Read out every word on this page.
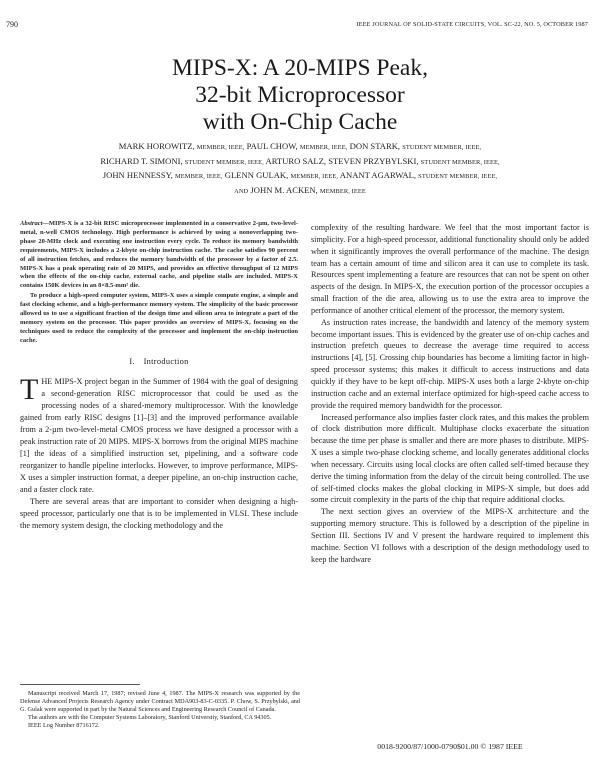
790	IEEE JOURNAL OF SOLID-STATE CIRCUITS, VOL. SC-22, NO. 5, OCTOBER 1987
MIPS-X: A 20-MIPS Peak,
32-bit Microprocessor
with On-Chip Cache
MARK HOROWITZ, MEMBER, IEEE, PAUL CHOW, MEMBER, IEEE, DON STARK, STUDENT MEMBER, IEEE,
RICHARD T. SIMONI, STUDENT MEMBER, IEEE, ARTURO SALZ, STEVEN PRZYBYLSKI, STUDENT MEMBER, IEEE,
JOHN HENNESSY, MEMBER, IEEE, GLENN GULAK, MEMBER, IEEE, ANANT AGARWAL, STUDENT MEMBER, IEEE,
AND JOHN M. ACKEN, MEMBER, IEEE

Abstract—MIPS-X is a 32-bit RISC microprocessor implemented in a conservative 2-µm, two-level-metal, n-well CMOS technology. High performance is achieved by using a nonoverlapping two-phase 20-MHz clock and executing one instruction every cycle. To reduce its memory bandwidth requirements, MIPS-X includes a 2-kbyte on-chip instruction cache. The cache satisfies 90 percent of all instruction fetches, and reduces the memory bandwidth of the processor by a factor of 2.5. MIPS-X has a peak operating rate of 20 MIPS, and provides an effective throughput of 12 MIPS when the effects of the on-chip cache, external cache, and pipeline stalls are included. MIPS-X contains 150K devices in an 8×8.5-mm² die.

To produce a high-speed computer system, MIPS-X uses a simple compute engine, a simple and fast clocking scheme, and a high-performance memory system. The simplicity of the basic processor allowed us to use a significant fraction of the design time and silicon area to integrate a part of the memory system on the processor. This paper provides an overview of MIPS-X, focusing on the techniques used to reduce the complexity of the processor and implement the on-chip instruction cache.

I. Introduction

THE MIPS-X project began in the Summer of 1984 with the goal of designing a second-generation RISC microprocessor that could be used as the processing nodes of a shared-memory multiprocessor. With the knowledge gained from early RISC designs [1]–[3] and the improved performance available from a 2-µm two-level-metal CMOS process we have designed a processor with a peak instruction rate of 20 MIPS. MIPS-X borrows from the original MIPS machine [1] the ideas of a simplified instruction set, pipelining, and a software code reorganizer to handle pipeline interlocks. However, to improve performance, MIPS-X uses a simpler instruction format, a deeper pipeline, an on-chip instruction cache, and a faster clock rate.

There are several areas that are important to consider when designing a high-speed processor, particularly one that is to be implemented in VLSI. These include the memory system design, the clocking methodology and the

Manuscript received March 17, 1987; revised June 4, 1987. The MIPS-X research was supported by the Defense Advanced Projects Research Agency under Contract MDA903-83-C-0335. P. Chow, S. Przybylski, and G. Gulak were supported in part by the Natural Sciences and Engineering Research Council of Canada.

The authors are with the Computer Systems Laboratory, Stanford University, Stanford, CA 94305.

IEEE Log Number 8716172.

complexity of the resulting hardware. We feel that the most important factor is simplicity. For a high-speed processor, additional functionality should only be added when it significantly improves the overall performance of the machine. The design team has a certain amount of time and silicon area it can use to complete its task. Resources spent implementing a feature are resources that can not be spent on other aspects of the design. In MIPS-X, the execution portion of the processor occupies a small fraction of the die area, allowing us to use the extra area to improve the performance of another critical element of the processor, the memory system.

As instruction rates increase, the bandwidth and latency of the memory system become important issues. This is evidenced by the greater use of on-chip caches and instruction prefetch queues to decrease the average time required to access instructions [4], [5]. Crossing chip boundaries has become a limiting factor in high-speed processor systems; this makes it difficult to access instructions and data quickly if they have to be kept off-chip. MIPS-X uses both a large 2-kbyte on-chip instruction cache and an external interface optimized for high-speed cache access to provide the required memory bandwidth for the processor.

Increased performance also implies faster clock rates, and this makes the problem of clock distribution more difficult. Multiphase clocks exacerbate the situation because the time per phase is smaller and there are more phases to distribute. MIPS-X uses a simple two-phase clocking scheme, and locally generates additional clocks when necessary. Circuits using local clocks are often called self-timed because they derive the timing information from the delay of the circuit being controlled. The use of self-timed clocks makes the global clocking in MIPS-X simple, but does add some circuit complexity in the parts of the chip that require additional clocks.

The next section gives an overview of the MIPS-X architecture and the supporting memory structure. This is followed by a description of the pipeline in Section III. Sections IV and V present the hardware required to implement this machine. Section VI follows with a description of the design methodology used to keep the hardware

0018-9200/87/1000-0790$01.00 © 1987 IEEE
